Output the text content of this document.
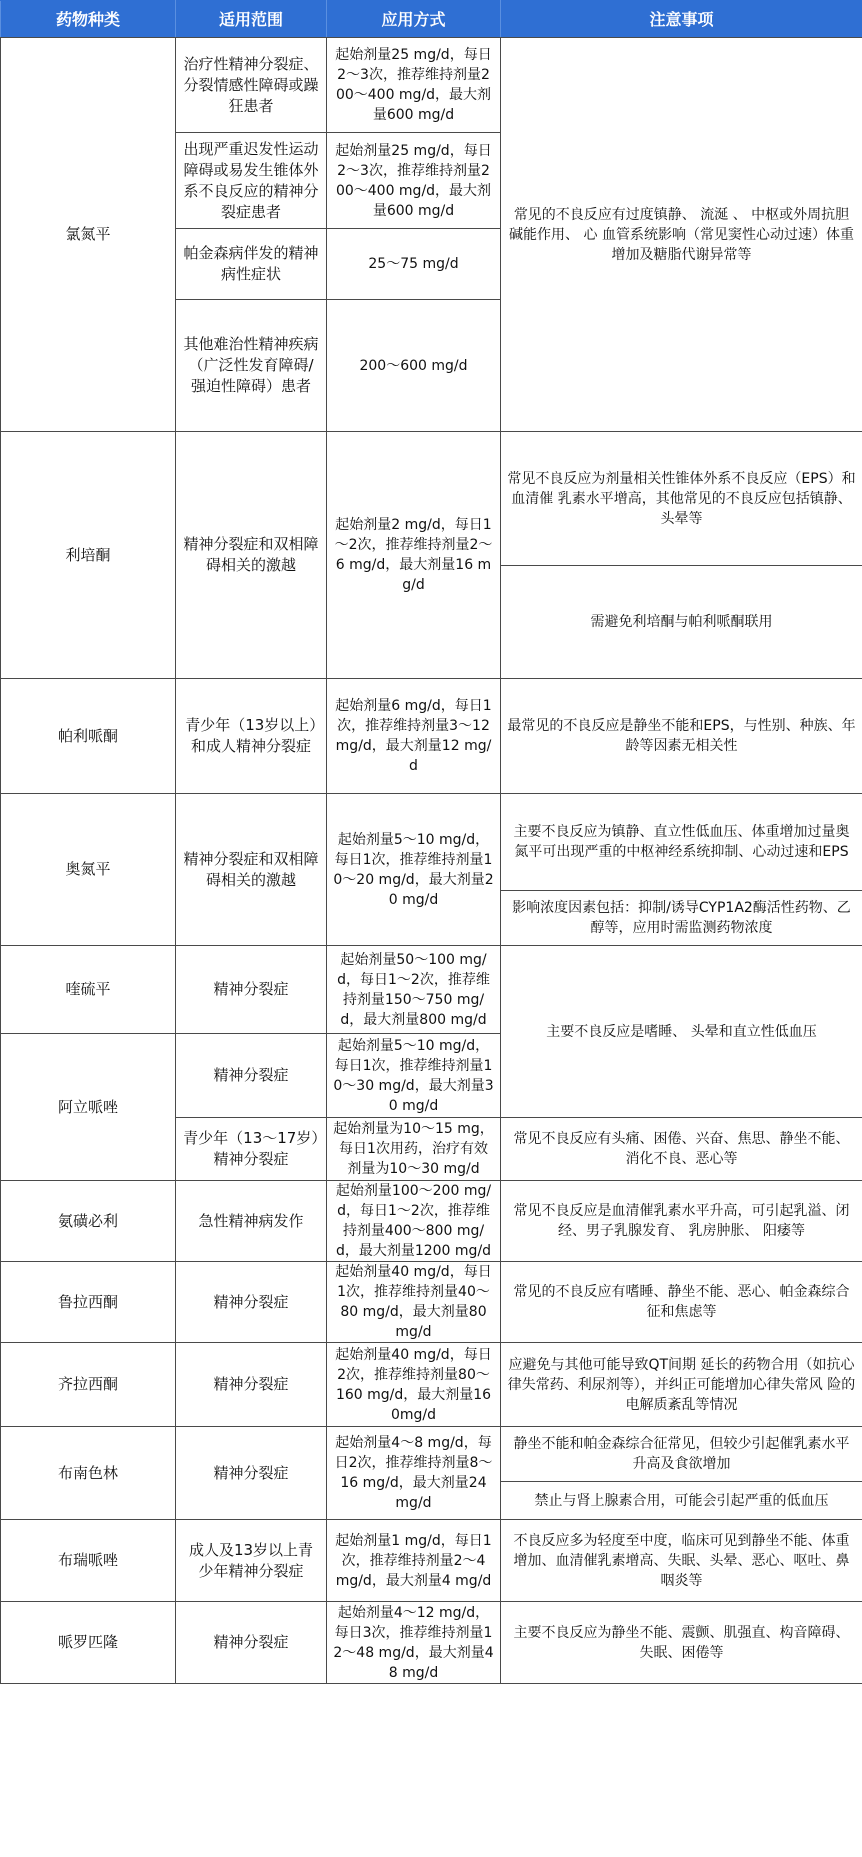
药物种类	适用范围	应用方式	注意事项
氯氮平	治疗性精神分裂症、分裂情感性障碍或躁狂患者	起始剂量25 mg/d，每日2～3次，推荐维持剂量200～400 mg/d，最大剂量600 mg/d	常见的不良反应有过度镇静、 流涎 、 中枢或外周抗胆碱能作用、 心 血管系统影响（常见窦性心动过速）体重增加及糖脂代谢异常等
	出现严重迟发性运动障碍或易发生锥体外系不良反应的精神分裂症患者	起始剂量25 mg/d，每日2～3次，推荐维持剂量200～400 mg/d，最大剂量600 mg/d	
	帕金森病伴发的精神病性症状	25～75 mg/d	
	其他难治性精神疾病（广泛性发育障碍/强迫性障碍）患者	200～600 mg/d	
利培酮	精神分裂症和双相障碍相关的激越	起始剂量2 mg/d，每日1～2次，推荐维持剂量2～6 mg/d，最大剂量16 mg/d	常见不良反应为剂量相关性锥体外系不良反应（EPS）和血清催 乳素水平增高，其他常见的不良反应包括镇静、 头晕等
			需避免利培酮与帕利哌酮联用
帕利哌酮	青少年（13岁以上）和成人精神分裂症	起始剂量6 mg/d，每日1次，推荐维持剂量3～12 mg/d，最大剂量12 mg/d	最常见的不良反应是静坐不能和EPS，与性别、种族、年龄等因素无相关性
奥氮平	精神分裂症和双相障碍相关的激越	起始剂量5～10 mg/d，每日1次，推荐维持剂量10～20 mg/d，最大剂量20 mg/d	主要不良反应为镇静、直立性低血压、体重增加过量奥氮平可出现严重的中枢神经系统抑制、心动过速和EPS
			影响浓度因素包括：抑制/诱导CYP1A2酶活性药物、乙醇等，应用时需监测药物浓度
喹硫平	精神分裂症	起始剂量50～100 mg/d，每日1～2次，推荐维持剂量150～750 mg/d，最大剂量800 mg/d	主要不良反应是嗜睡、 头晕和直立性低血压
阿立哌唑	精神分裂症	起始剂量5～10 mg/d，每日1次，推荐维持剂量10～30 mg/d，最大剂量30 mg/d	
	青少年（13～17岁）精神分裂症	起始剂量为10～15 mg，每日1次用药，治疗有效剂量为10～30 mg/d	常见不良反应有头痛、困倦、兴奋、焦思、静坐不能、消化不良、恶心等
氨磺必利	急性精神病发作	起始剂量100～200 mg/d，每日1～2次，推荐维持剂量400～800 mg/d，最大剂量1200 mg/d	常见不良反应是血清催乳素水平升高，可引起乳溢、闭经、男子乳腺发育、 乳房肿胀、 阳痿等
鲁拉西酮	精神分裂症	起始剂量40 mg/d，每日1次，推荐维持剂量40～80 mg/d，最大剂量80 mg/d	常见的不良反应有嗜睡、静坐不能、恶心、帕金森综合征和焦虑等
齐拉西酮	精神分裂症	起始剂量40 mg/d，每日2次，推荐维持剂量80～160 mg/d，最大剂量160mg/d	应避免与其他可能导致QT间期 延长的药物合用（如抗心律失常药、利尿剂等），并纠正可能增加心律失常风 险的电解质紊乱等情况
布南色林	精神分裂症	起始剂量4～8 mg/d，每日2次，推荐维持剂量8～16 mg/d，最大剂量24 mg/d	静坐不能和帕金森综合征常见，但较少引起催乳素水平升高及食欲增加
			禁止与肾上腺素合用，可能会引起严重的低血压
布瑞哌唑	成人及13岁以上青少年精神分裂症	起始剂量1 mg/d，每日1次，推荐维持剂量2～4 mg/d，最大剂量4 mg/d	不良反应多为轻度至中度，临床可见到静坐不能、体重增加、血清催乳素增高、失眠、头晕、恶心、呕吐、鼻咽炎等
哌罗匹隆	精神分裂症	起始剂量4～12 mg/d，每日3次，推荐维持剂量12～48 mg/d，最大剂量48 mg/d	主要不良反应为静坐不能、震颤、肌强直、构音障碍、失眠、困倦等
